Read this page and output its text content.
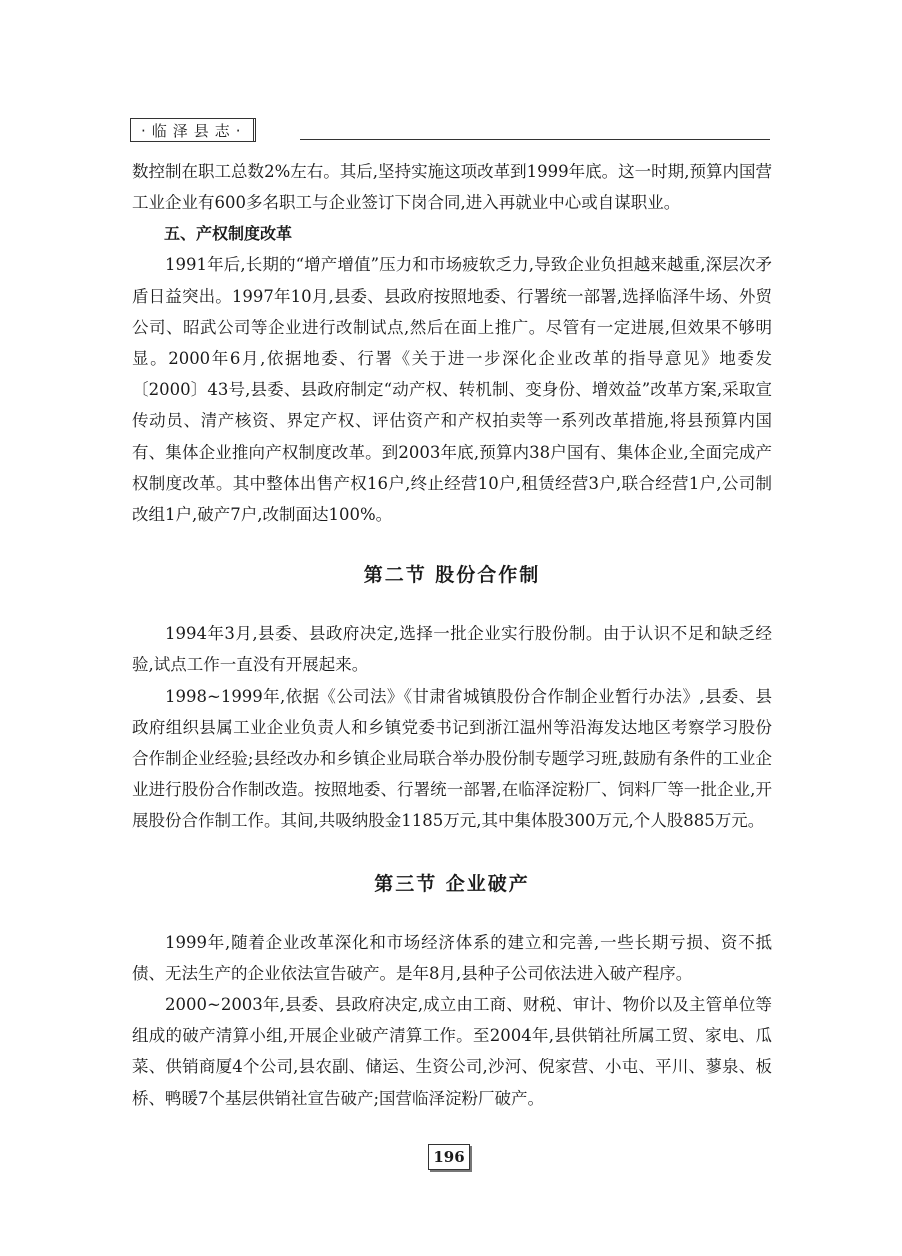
·临泽县志·

数控制在职工总数2%左右。其后,坚持实施这项改革到1999年底。这一时期,预算内国营工业企业有600多名职工与企业签订下岗合同,进入再就业中心或自谋职业。

五、产权制度改革

1991年后,长期的“增产增值”压力和市场疲软乏力,导致企业负担越来越重,深层次矛盾日益突出。1997年10月,县委、县政府按照地委、行署统一部署,选择临泽牛场、外贸公司、昭武公司等企业进行改制试点,然后在面上推广。尽管有一定进展,但效果不够明显。2000年6月,依据地委、行署《关于进一步深化企业改革的指导意见》地委发〔2000〕43号,县委、县政府制定“动产权、转机制、变身份、增效益”改革方案,采取宣传动员、清产核资、界定产权、评估资产和产权拍卖等一系列改革措施,将县预算内国有、集体企业推向产权制度改革。到2003年底,预算内38户国有、集体企业,全面完成产权制度改革。其中整体出售产权16户,终止经营10户,租赁经营3户,联合经营1户,公司制改组1户,破产7户,改制面达100%。

第二节 股份合作制

1994年3月,县委、县政府决定,选择一批企业实行股份制。由于认识不足和缺乏经验,试点工作一直没有开展起来。

1998~1999年,依据《公司法》《甘肃省城镇股份合作制企业暂行办法》,县委、县政府组织县属工业企业负责人和乡镇党委书记到浙江温州等沿海发达地区考察学习股份合作制企业经验;县经改办和乡镇企业局联合举办股份制专题学习班,鼓励有条件的工业企业进行股份合作制改造。按照地委、行署统一部署,在临泽淀粉厂、饲料厂等一批企业,开展股份合作制工作。其间,共吸纳股金1185万元,其中集体股300万元,个人股885万元。

第三节 企业破产

1999年,随着企业改革深化和市场经济体系的建立和完善,一些长期亏损、资不抵债、无法生产的企业依法宣告破产。是年8月,县种子公司依法进入破产程序。

2000~2003年,县委、县政府决定,成立由工商、财税、审计、物价以及主管单位等组成的破产清算小组,开展企业破产清算工作。至2004年,县供销社所属工贸、家电、瓜菜、供销商厦4个公司,县农副、储运、生资公司,沙河、倪家营、小屯、平川、蓼泉、板桥、鸭暖7个基层供销社宣告破产;国营临泽淀粉厂破产。

196
